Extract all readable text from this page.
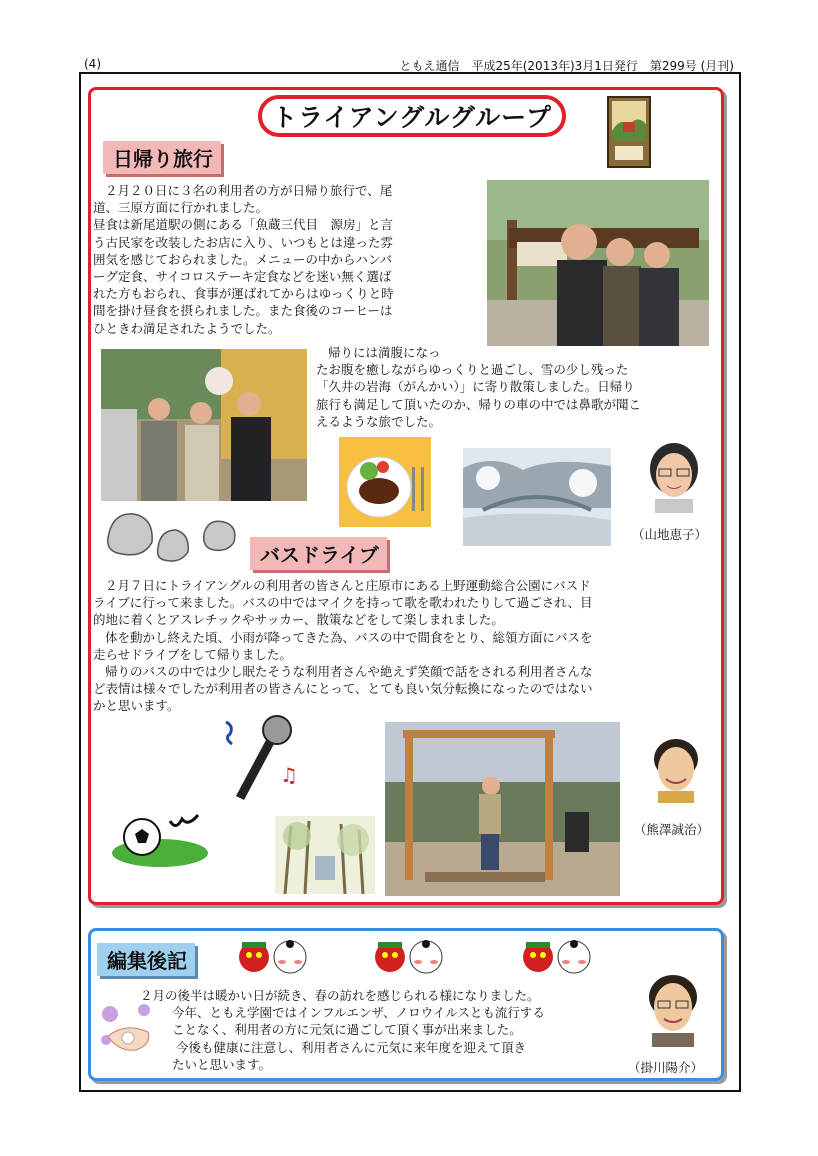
(4)	ともえ通信　平成25年(2013年)3月1日発行　第299号 (月刊)
トライアングルグループ
日帰り旅行

２月２０日に３名の利用者の方が日帰り旅行で、尾

道、三原方面に行かれました。

昼食は新尾道駅の側にある「魚蔵三代目　源房」と言

う古民家を改装したお店に入り、いつもとは違った雰

囲気を感じておられました。メニューの中からハンバ

ーグ定食、サイコロステーキ定食などを迷い無く選ば

れた方もおられ、食事が運ばれてからはゆっくりと時

間を掛け昼食を摂られました。また食後のコーヒーは

ひときわ満足されたようでした。

帰りには満腹になっ

たお腹を癒しながらゆっくりと過ごし、雪の少し残った

「久井の岩海（がんかい）」に寄り散策しました。日帰り

旅行も満足して頂いたのか、帰りの車の中では鼻歌が聞こ

えるような旅でした。

（山地恵子）
バスドライブ

２月７日にトライアングルの利用者の皆さんと庄原市にある上野運動総合公園にバスド

ライブに行って来ました。バスの中ではマイクを持って歌を歌われたりして過ごされ、目

的地に着くとアスレチックやサッカー、散策などをして楽しまれました。

体を動かし終えた頃、小雨が降ってきた為、バスの中で間食をとり、総領方面にバスを

走らせドライブをして帰りました。

帰りのバスの中では少し眠たそうな利用者さんや絶えず笑顔で話をされる利用者さんな

ど表情は様々でしたが利用者の皆さんにとって、とても良い気分転換になったのではない

かと思います。

♫
（熊澤誠治）
編集後記

２月の後半は暖かい日が続き、春の訪れを感じられる様になりました。

今年、ともえ学園ではインフルエンザ、ノロウイルスとも流行する

ことなく、利用者の方に元気に過ごして頂く事が出来ました。

今後も健康に注意し、利用者さんに元気に来年度を迎えて頂き

たいと思います。	（掛川陽介）
